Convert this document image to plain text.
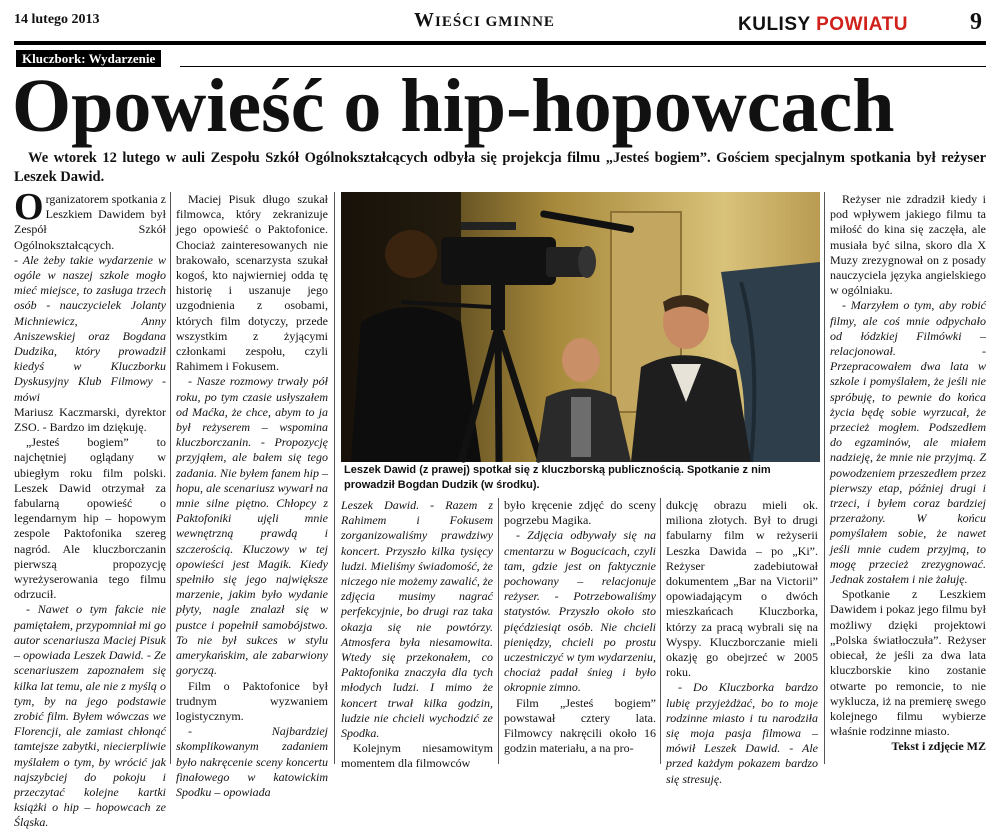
14 lutego 2013	WIEŚCI GMINNE	KULISY POWIATU	9
Kluczbork: Wydarzenie
Opowieść o hip-hopowcach

We wtorek 12 lutego w auli Zespołu Szkół Ogólnokształcących odbyła się projekcja filmu „Jesteś bogiem”. Gościem specjalnym spotkania był reżyser Leszek Dawid.

Organizatorem spotkania z Leszkiem Dawidem był Zespół Szkół Ogólnokształcących.

- Ale żeby takie wydarzenie w ogóle w naszej szkole mogło mieć miejsce, to zasługa trzech osób - nauczycielek Jolanty Michniewicz, Anny Aniszewskiej oraz Bogdana Dudzika, który prowadził kiedyś w Kluczborku Dyskusyjny Klub Filmowy - mówi

Mariusz Kaczmarski, dyrektor ZSO. - Bardzo im dziękuję.

„Jesteś bogiem” to najchętniej oglądany w ubiegłym roku film polski. Leszek Dawid otrzymał za fabularną opowieść o legendarnym hip – hopowym zespole Paktofonika szereg nagród. Ale kluczborczanin pierwszą propozycję wyreżyserowania tego filmu odrzucił.

- Nawet o tym fakcie nie pamiętałem, przypomniał mi go autor scenariusza Maciej Pisuk – opowiada Leszek Dawid. - Ze scenariuszem zapoznałem się kilka lat temu, ale nie z myślą o tym, by na jego podstawie zrobić film. Byłem wówczas we Florencji, ale zamiast chłonąć tamtejsze zabytki, niecierpliwie myślałem o tym, by wrócić jak najszybciej do pokoju i przeczytać kolejne kartki książki o hip – hopowcach ze Śląska.

Maciej Pisuk długo szukał filmowca, który zekranizuje jego opowieść o Paktofonice. Chociaż zainteresowanych nie brakowało, scenarzysta szukał kogoś, kto najwierniej odda tę historię i uszanuje jego uzgodnienia z osobami, których film dotyczy, przede wszystkim z żyjącymi członkami zespołu, czyli Rahimem i Fokusem.

- Nasze rozmowy trwały pół roku, po tym czasie usłyszałem od Maćka, że chce, abym to ja był reżyserem – wspomina kluczborczanin. - Propozycję przyjąłem, ale bałem się tego zadania. Nie byłem fanem hip – hopu, ale scenariusz wywarł na mnie silne piętno. Chłopcy z Paktofoniki ujęli mnie wewnętrzną prawdą i szczerością. Kluczowy w tej opowieści jest Magik. Kiedy spełniło się jego największe marzenie, jakim było wydanie płyty, nagle znalazł się w pustce i popełnił samobójstwo. To nie był sukces w stylu amerykańskim, ale zabarwiony goryczą.

Film o Paktofonice był trudnym wyzwaniem logistycznym.

- Najbardziej skomplikowanym zadaniem było nakręcenie sceny koncertu finałowego w katowickim Spodku – opowiada

Leszek Dawid (z prawej) spotkał się z kluczborską publicznością. Spotkanie z nim prowadził Bogdan Dudzik (w środku).

Leszek Dawid. - Razem z Rahimem i Fokusem zorganizowaliśmy prawdziwy koncert. Przyszło kilka tysięcy ludzi. Mieliśmy świadomość, że niczego nie możemy zawalić, że zdjęcia musimy nagrać perfekcyjnie, bo drugi raz taka okazja się nie powtórzy. Atmosfera była niesamowita. Wtedy się przekonałem, co Paktofonika znaczyła dla tych młodych ludzi. I mimo że koncert trwał kilka godzin, ludzie nie chcieli wychodzić ze Spodka.

Kolejnym niesamowitym momentem dla filmowców

było kręcenie zdjęć do sceny pogrzebu Magika.

- Zdjęcia odbywały się na cmentarzu w Bogucicach, czyli tam, gdzie jest on faktycznie pochowany – relacjonuje reżyser. - Potrzebowaliśmy statystów. Przyszło około sto pięćdziesiąt osób. Nie chcieli pieniędzy, chcieli po prostu uczestniczyć w tym wydarzeniu, chociaż padał śnieg i było okropnie zimno.

Film „Jesteś bogiem” powstawał cztery lata. Filmowcy nakręcili około 16 godzin materiału, a na pro-

dukcję obrazu mieli ok. miliona złotych. Był to drugi fabularny film w reżyserii Leszka Dawida – po „Ki”. Reżyser zadebiutował dokumentem „Bar na Victorii” opowiadającym o dwóch mieszkańcach Kluczborka, którzy za pracą wybrali się na Wyspy. Kluczborczanie mieli okazję go obejrzeć w 2005 roku.

- Do Kluczborka bardzo lubię przyjeżdżać, bo to moje rodzinne miasto i tu narodziła się moja pasja filmowa – mówił Leszek Dawid. - Ale przed każdym pokazem bardzo się stresuję.

Reżyser nie zdradził kiedy i pod wpływem jakiego filmu ta miłość do kina się zaczęła, ale musiała być silna, skoro dla X Muzy zrezygnował on z posady nauczyciela języka angielskiego w ogólniaku.

- Marzyłem o tym, aby robić filmy, ale coś mnie odpychało od łódzkiej Filmówki – relacjonował. - Przepracowałem dwa lata w szkole i pomyślałem, że jeśli nie spróbuję, to pewnie do końca życia będę sobie wyrzucał, że przecież mogłem. Podszedłem do egzaminów, ale miałem nadzieję, że mnie nie przyjmą. Z powodzeniem przeszedłem przez pierwszy etap, później drugi i trzeci, i byłem coraz bardziej przerażony. W końcu pomyślałem sobie, że nawet jeśli mnie cudem przyjmą, to mogę przecież zrezygnować. Jednak zostałem i nie żałuję.

Spotkanie z Leszkiem Dawidem i pokaz jego filmu był możliwy dzięki projektowi „Polska światłoczuła”. Reżyser obiecał, że jeśli za dwa lata kluczborskie kino zostanie otwarte po remoncie, to nie wyklucza, iż na premierę swego kolejnego filmu wybierze właśnie rodzinne miasto.

Tekst i zdjęcie MZ
